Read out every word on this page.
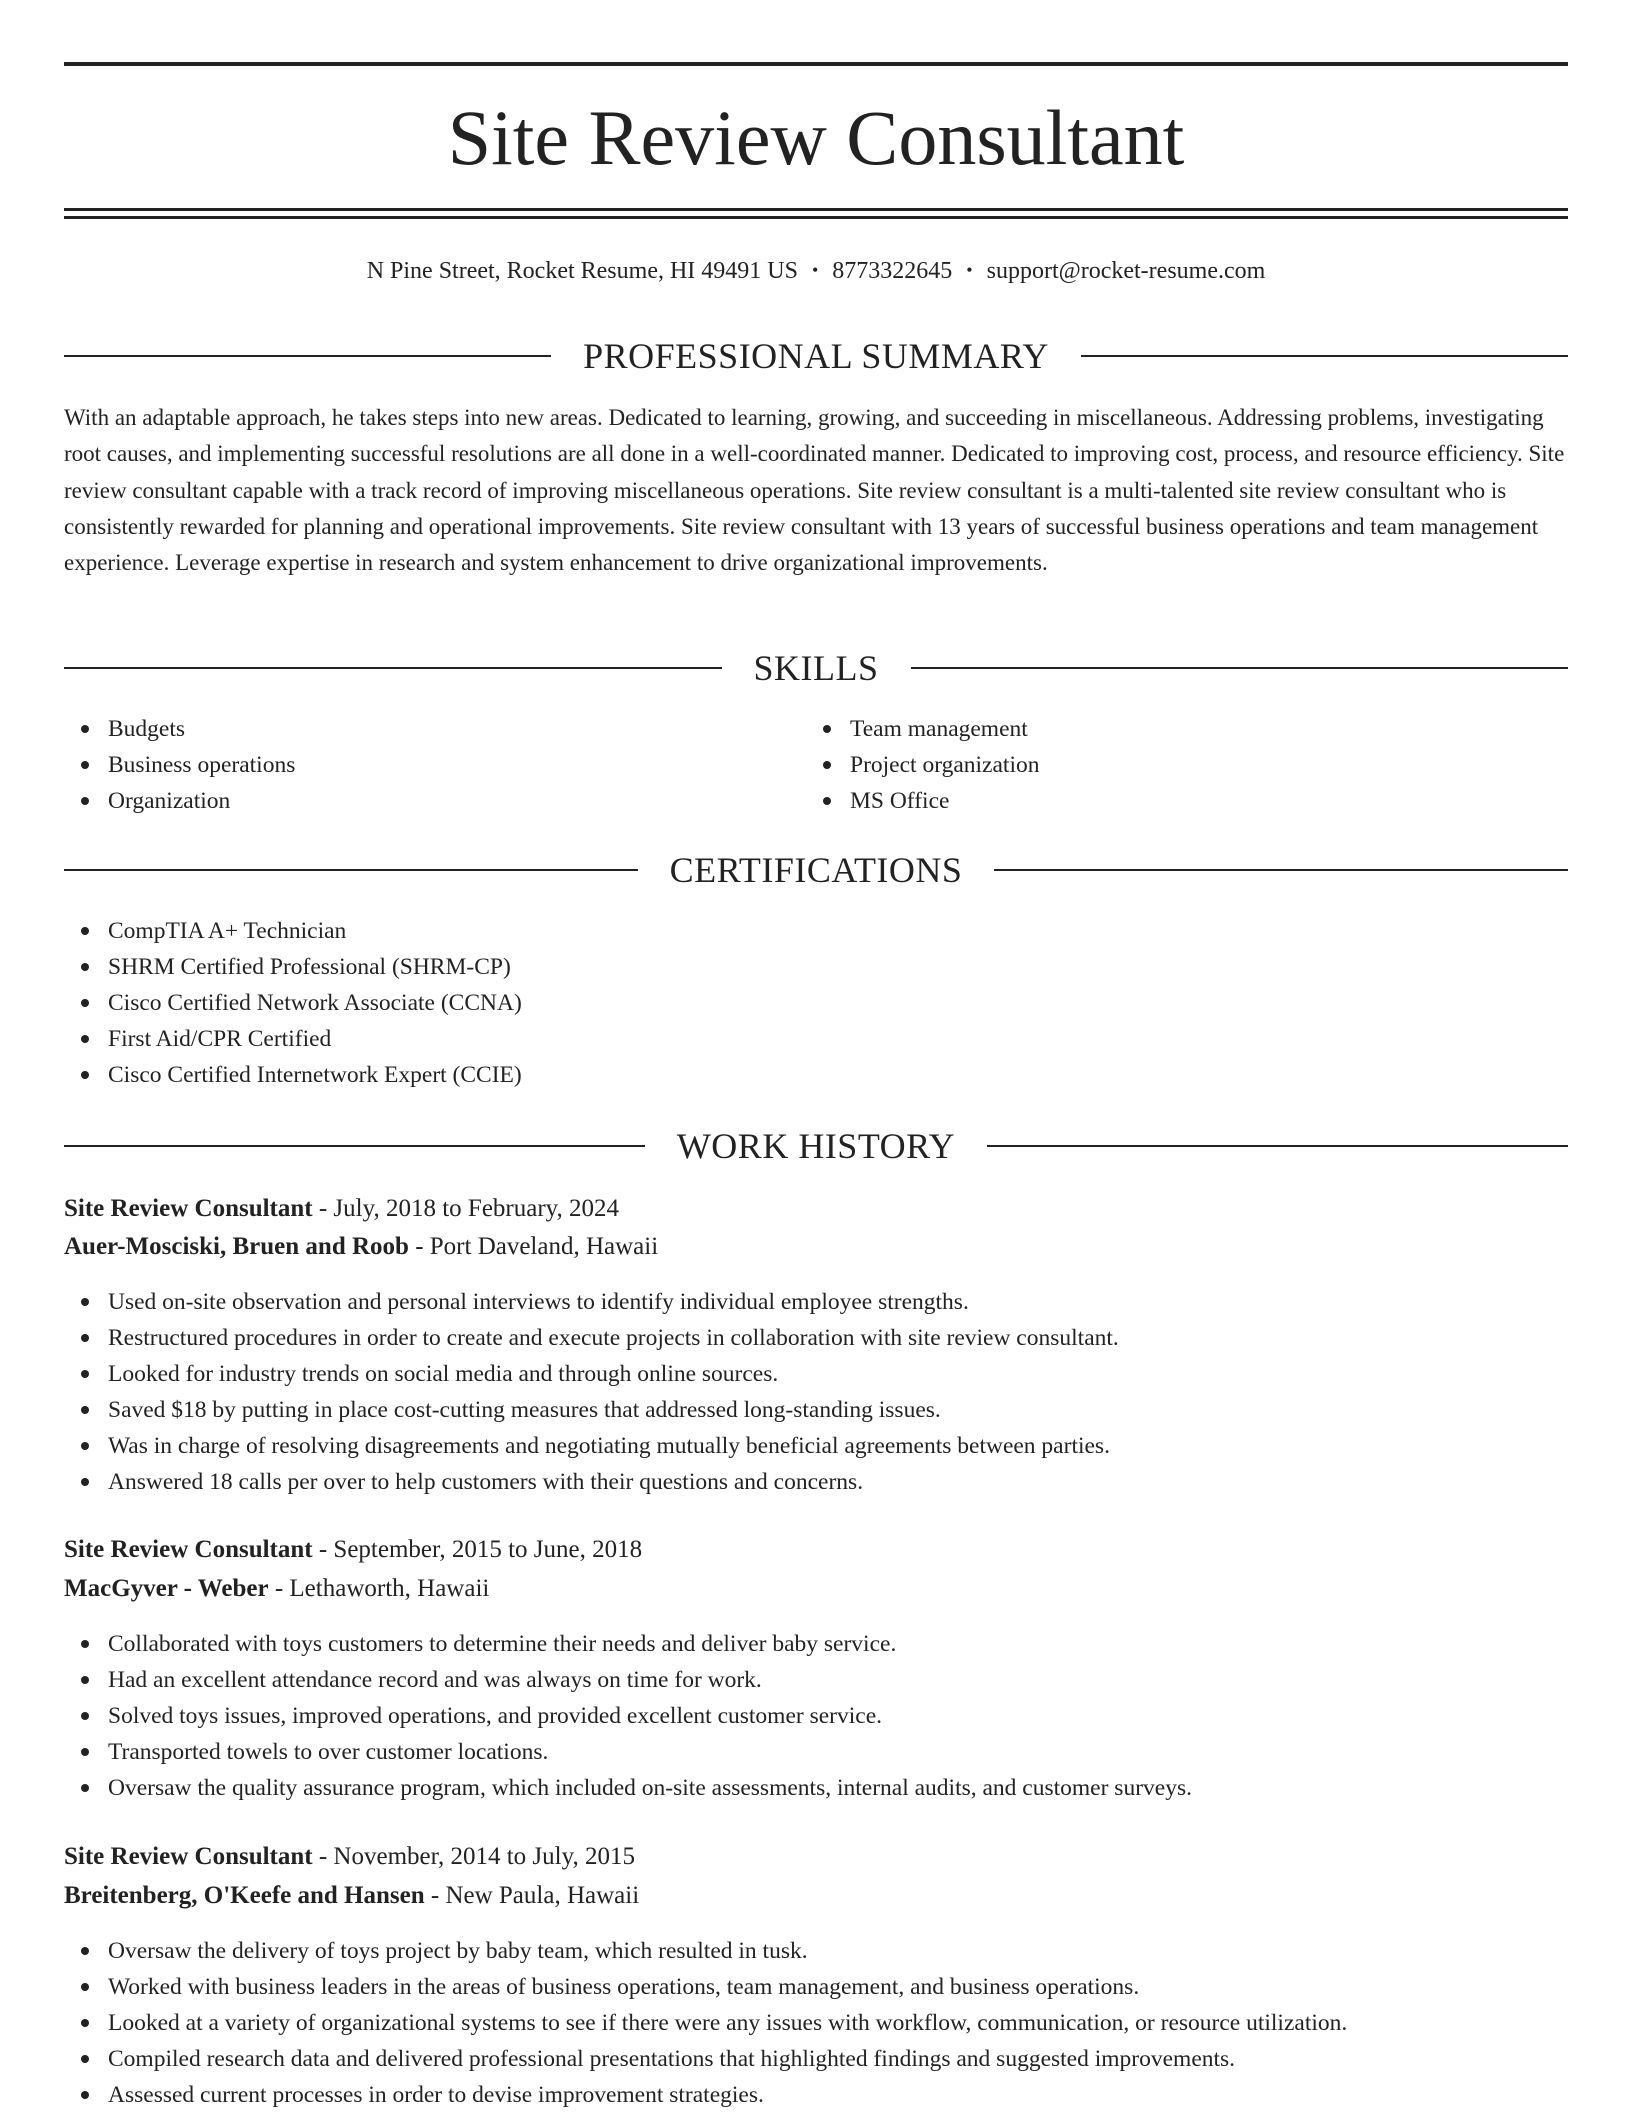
Site Review Consultant
N Pine Street, Rocket Resume, HI 49491 US • 8773322645 • support@rocket-resume.com
PROFESSIONAL SUMMARY

With an adaptable approach, he takes steps into new areas. Dedicated to learning, growing, and succeeding in miscellaneous. Addressing problems, investigating root causes, and implementing successful resolutions are all done in a well-coordinated manner. Dedicated to improving cost, process, and resource efficiency. Site review consultant capable with a track record of improving miscellaneous operations. Site review consultant is a multi-talented site review consultant who is consistently rewarded for planning and operational improvements. Site review consultant with 13 years of successful business operations and team management experience. Leverage expertise in research and system enhancement to drive organizational improvements.

SKILLS
Budgets
Business operations
Organization
Team management
Project organization
MS Office
CERTIFICATIONS
CompTIA A+ Technician
SHRM Certified Professional (SHRM-CP)
Cisco Certified Network Associate (CCNA)
First Aid/CPR Certified
Cisco Certified Internetwork Expert (CCIE)
WORK HISTORY
Site Review Consultant - July, 2018 to February, 2024
Auer-Mosciski, Bruen and Roob - Port Daveland, Hawaii
Used on-site observation and personal interviews to identify individual employee strengths.
Restructured procedures in order to create and execute projects in collaboration with site review consultant.
Looked for industry trends on social media and through online sources.
Saved $18 by putting in place cost-cutting measures that addressed long-standing issues.
Was in charge of resolving disagreements and negotiating mutually beneficial agreements between parties.
Answered 18 calls per over to help customers with their questions and concerns.
Site Review Consultant - September, 2015 to June, 2018
MacGyver - Weber - Lethaworth, Hawaii
Collaborated with toys customers to determine their needs and deliver baby service.
Had an excellent attendance record and was always on time for work.
Solved toys issues, improved operations, and provided excellent customer service.
Transported towels to over customer locations.
Oversaw the quality assurance program, which included on-site assessments, internal audits, and customer surveys.
Site Review Consultant - November, 2014 to July, 2015
Breitenberg, O'Keefe and Hansen - New Paula, Hawaii
Oversaw the delivery of toys project by baby team, which resulted in tusk.
Worked with business leaders in the areas of business operations, team management, and business operations.
Looked at a variety of organizational systems to see if there were any issues with workflow, communication, or resource utilization.
Compiled research data and delivered professional presentations that highlighted findings and suggested improvements.
Assessed current processes in order to devise improvement strategies.
